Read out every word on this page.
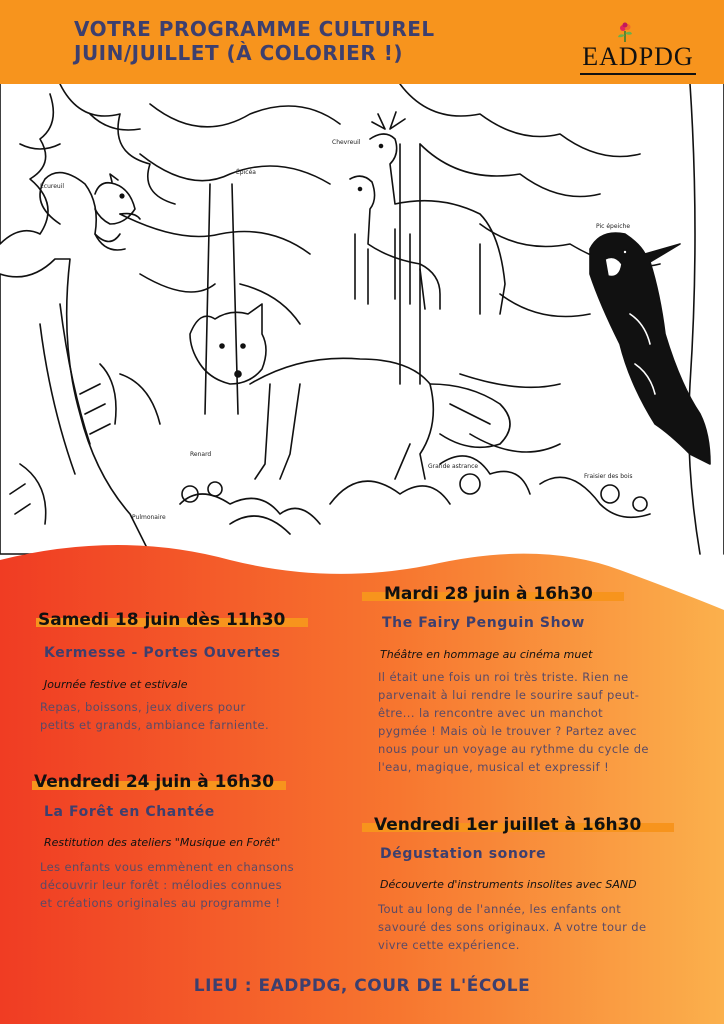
VOTRE PROGRAMME CULTUREL
JUIN/JUILLET (À COLORIER !)	EADPDG
Écureuil
Épicéa
Chevreuil
Pic épeiche
Renard
Grande astrance
Fraisier des bois
Pulmonaire
Samedi 18 juin dès 11h30
Kermesse - Portes Ouvertes
Journée festive et estivale
Repas, boissons, jeux divers pour
petits et grands, ambiance farniente.
Vendredi 24 juin à 16h30
La Forêt en Chantée
Restitution des ateliers "Musique en Forêt"
Les enfants vous emmènent en chansons
découvrir leur forêt : mélodies connues
et créations originales au programme !
Mardi 28 juin à 16h30
The Fairy Penguin Show
Théâtre en hommage au cinéma muet
Il était une fois un roi très triste. Rien ne
parvenait à lui rendre le sourire sauf peut-
être... la rencontre avec un manchot
pygmée ! Mais où le trouver ? Partez avec
nous pour un voyage au rythme du cycle de
l'eau, magique, musical et expressif !
Vendredi 1er juillet à 16h30
Dégustation sonore
Découverte d'instruments insolites avec SAND
Tout au long de l'année, les enfants ont
savouré des sons originaux. A votre tour de
vivre cette expérience.
LIEU : EADPDG, COUR DE L'ÉCOLE
